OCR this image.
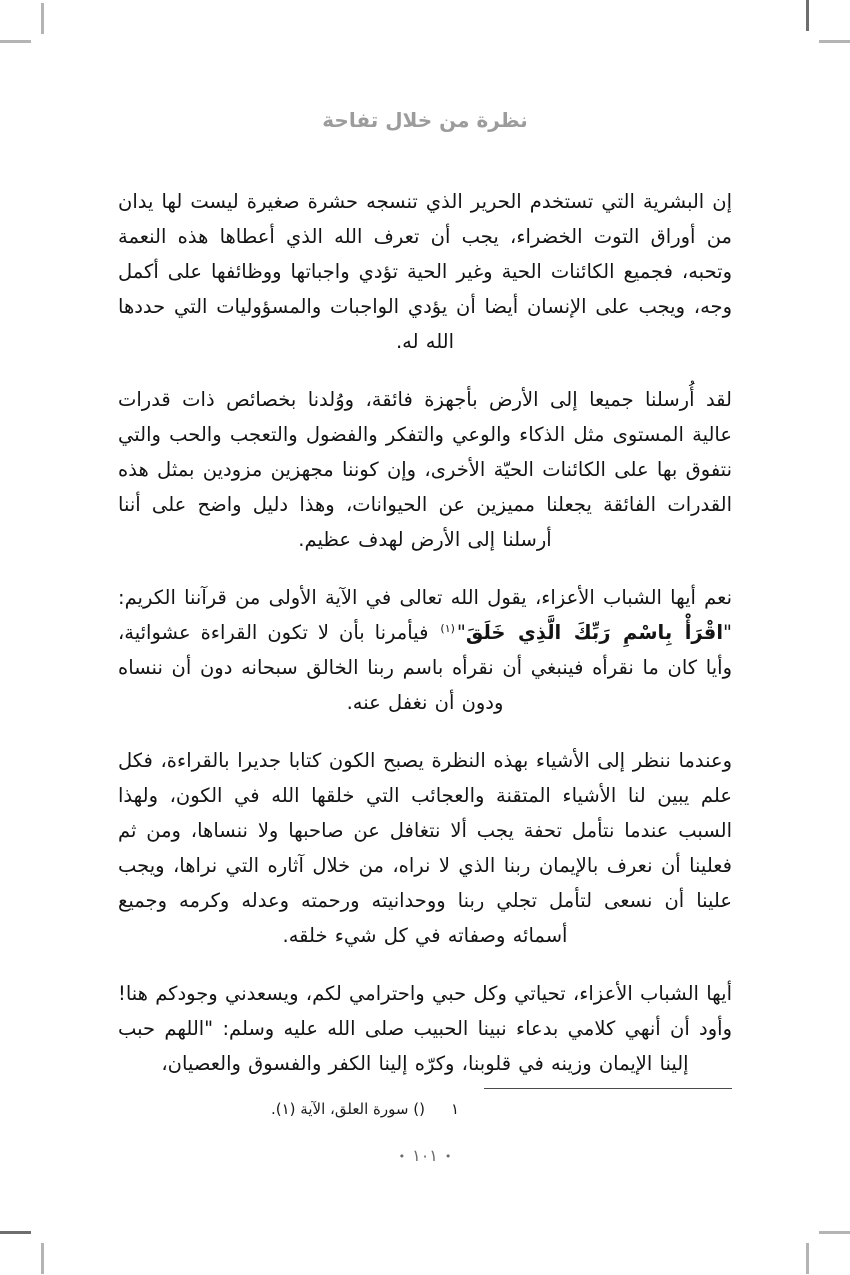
نظرة من خلال تفاحة

إن البشرية التي تستخدم الحرير الذي تنسجه حشرة صغيرة ليست لها يدان من أوراق التوت الخضراء، يجب أن تعرف الله الذي أعطاها هذه النعمة وتحبه، فجميع الكائنات الحية وغير الحية تؤدي واجباتها ووظائفها على أكمل وجه، ويجب على الإنسان أيضا أن يؤدي الواجبات والمسؤوليات التي حددها الله له.

لقد أُرسلنا جميعا إلى الأرض بأجهزة فائقة، ووُلدنا بخصائص ذات قدرات عالية المستوى مثل الذكاء والوعي والتفكر والفضول والتعجب والحب والتي نتفوق بها على الكائنات الحيّة الأخرى، وإن كوننا مجهزين مزودين بمثل هذه القدرات الفائقة يجعلنا مميزين عن الحيوانات، وهذا دليل واضح على أننا أرسلنا إلى الأرض لهدف عظيم.

نعم أيها الشباب الأعزاء، يقول الله تعالى في الآية الأولى من قرآننا الكريم: "اقْرَأْ بِاسْمِ رَبِّكَ الَّذِي خَلَقَ"$^{(١)}$ فيأمرنا بأن لا تكون القراءة عشوائية، وأيا كان ما نقرأه فينبغي أن نقرأه باسم ربنا الخالق سبحانه دون أن ننساه ودون أن نغفل عنه.

وعندما ننظر إلى الأشياء بهذه النظرة يصبح الكون كتابا جديرا بالقراءة، فكل علم يبين لنا الأشياء المتقنة والعجائب التي خلقها الله في الكون، ولهذا السبب عندما نتأمل تحفة يجب ألا نتغافل عن صاحبها ولا ننساها، ومن ثم فعلينا أن نعرف بالإيمان ربنا الذي لا نراه، من خلال آثاره التي نراها، ويجب علينا أن نسعى لتأمل تجلي ربنا ووحدانيته ورحمته وعدله وكرمه وجميع أسمائه وصفاته في كل شيء خلقه.

أيها الشباب الأعزاء، تحياتي وكل حبي واحترامي لكم، ويسعدني وجودكم هنا! وأود أن أنهي كلامي بدعاء نبينا الحبيب صلى الله عليه وسلم: "اللهم حبب إلينا الإيمان وزينه في قلوبنا، وكرّه إلينا الكفر والفسوق والعصيان،

١() سورة العلق، الآية (١).
•١٠١•
